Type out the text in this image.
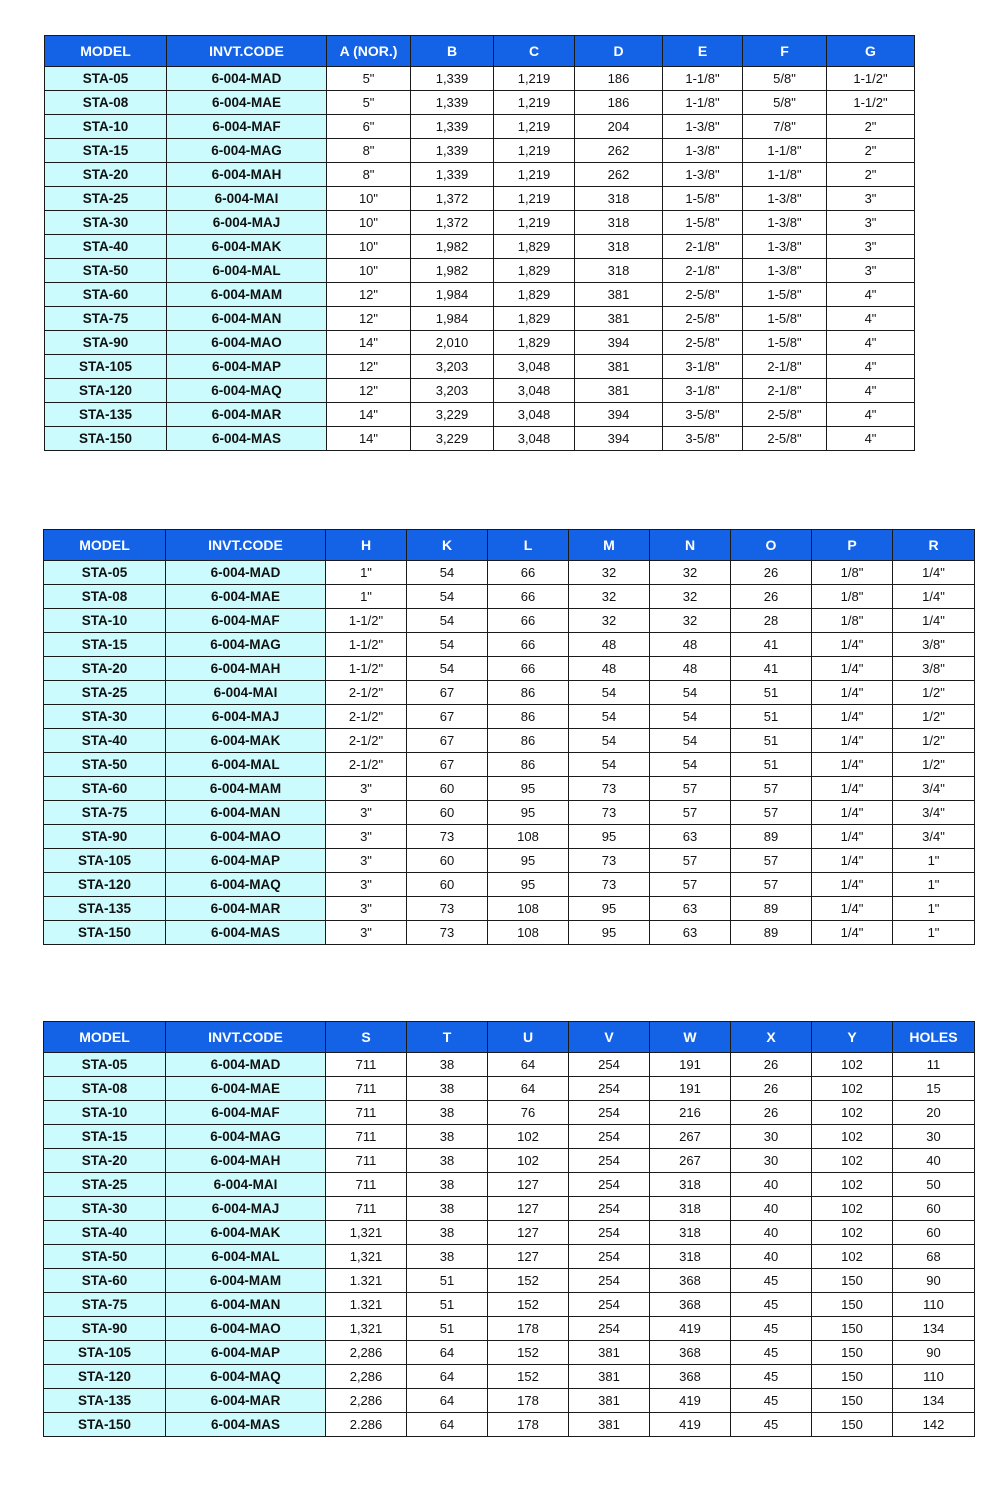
MODEL	INVT.CODE	A (NOR.)	B	C	D	E	F	G
STA-05	6-004-MAD	5"	1,339	1,219	186	1-1/8"	5/8"	1-1/2"
STA-08	6-004-MAE	5"	1,339	1,219	186	1-1/8"	5/8"	1-1/2"
STA-10	6-004-MAF	6"	1,339	1,219	204	1-3/8"	7/8"	2"
STA-15	6-004-MAG	8"	1,339	1,219	262	1-3/8"	1-1/8"	2"
STA-20	6-004-MAH	8"	1,339	1,219	262	1-3/8"	1-1/8"	2"
STA-25	6-004-MAI	10"	1,372	1,219	318	1-5/8"	1-3/8"	3"
STA-30	6-004-MAJ	10"	1,372	1,219	318	1-5/8"	1-3/8"	3"
STA-40	6-004-MAK	10"	1,982	1,829	318	2-1/8"	1-3/8"	3"
STA-50	6-004-MAL	10"	1,982	1,829	318	2-1/8"	1-3/8"	3"
STA-60	6-004-MAM	12"	1,984	1,829	381	2-5/8"	1-5/8"	4"
STA-75	6-004-MAN	12"	1,984	1,829	381	2-5/8"	1-5/8"	4"
STA-90	6-004-MAO	14"	2,010	1,829	394	2-5/8"	1-5/8"	4"
STA-105	6-004-MAP	12"	3,203	3,048	381	3-1/8"	2-1/8"	4"
STA-120	6-004-MAQ	12"	3,203	3,048	381	3-1/8"	2-1/8"	4"
STA-135	6-004-MAR	14"	3,229	3,048	394	3-5/8"	2-5/8"	4"
STA-150	6-004-MAS	14"	3,229	3,048	394	3-5/8"	2-5/8"	4"
MODEL	INVT.CODE	H	K	L	M	N	O	P	R
STA-05	6-004-MAD	1"	54	66	32	32	26	1/8"	1/4"
STA-08	6-004-MAE	1"	54	66	32	32	26	1/8"	1/4"
STA-10	6-004-MAF	1-1/2"	54	66	32	32	28	1/8"	1/4"
STA-15	6-004-MAG	1-1/2"	54	66	48	48	41	1/4"	3/8"
STA-20	6-004-MAH	1-1/2"	54	66	48	48	41	1/4"	3/8"
STA-25	6-004-MAI	2-1/2"	67	86	54	54	51	1/4"	1/2"
STA-30	6-004-MAJ	2-1/2"	67	86	54	54	51	1/4"	1/2"
STA-40	6-004-MAK	2-1/2"	67	86	54	54	51	1/4"	1/2"
STA-50	6-004-MAL	2-1/2"	67	86	54	54	51	1/4"	1/2"
STA-60	6-004-MAM	3"	60	95	73	57	57	1/4"	3/4"
STA-75	6-004-MAN	3"	60	95	73	57	57	1/4"	3/4"
STA-90	6-004-MAO	3"	73	108	95	63	89	1/4"	3/4"
STA-105	6-004-MAP	3"	60	95	73	57	57	1/4"	1"
STA-120	6-004-MAQ	3"	60	95	73	57	57	1/4"	1"
STA-135	6-004-MAR	3"	73	108	95	63	89	1/4"	1"
STA-150	6-004-MAS	3"	73	108	95	63	89	1/4"	1"
MODEL	INVT.CODE	S	T	U	V	W	X	Y	HOLES
STA-05	6-004-MAD	711	38	64	254	191	26	102	11
STA-08	6-004-MAE	711	38	64	254	191	26	102	15
STA-10	6-004-MAF	711	38	76	254	216	26	102	20
STA-15	6-004-MAG	711	38	102	254	267	30	102	30
STA-20	6-004-MAH	711	38	102	254	267	30	102	40
STA-25	6-004-MAI	711	38	127	254	318	40	102	50
STA-30	6-004-MAJ	711	38	127	254	318	40	102	60
STA-40	6-004-MAK	1,321	38	127	254	318	40	102	60
STA-50	6-004-MAL	1,321	38	127	254	318	40	102	68
STA-60	6-004-MAM	1.321	51	152	254	368	45	150	90
STA-75	6-004-MAN	1.321	51	152	254	368	45	150	110
STA-90	6-004-MAO	1,321	51	178	254	419	45	150	134
STA-105	6-004-MAP	2,286	64	152	381	368	45	150	90
STA-120	6-004-MAQ	2,286	64	152	381	368	45	150	110
STA-135	6-004-MAR	2,286	64	178	381	419	45	150	134
STA-150	6-004-MAS	2.286	64	178	381	419	45	150	142
